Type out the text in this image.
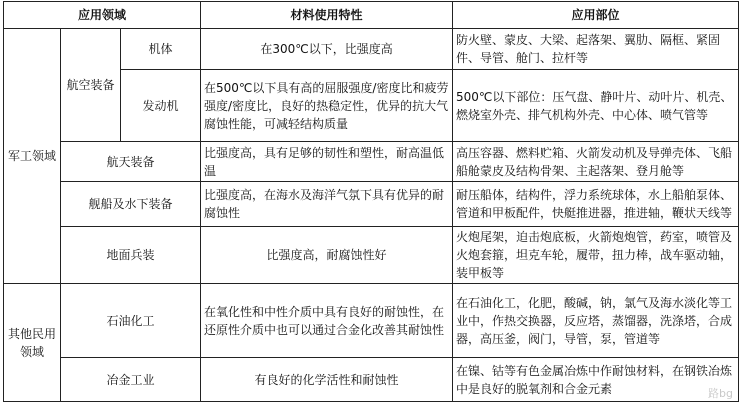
应用领域			材料使用特性	应用部位
军工领域	航空装备	机体	在300℃以下，比强度高	防火壁、蒙皮、大梁、起落架、翼肋、隔框、紧固件、导管、舱门、拉杆等
		发动机	在500℃以下具有高的屈服强度/密度比和疲劳强度/密度比，良好的热稳定性，优异的抗大气腐蚀性能，可减轻结构质量	500℃以下部位：压气盘、静叶片、动叶片、机壳、燃烧室外壳、排气机构外壳、中心体、喷气管等
	航天装备		比强度高，具有足够的韧性和塑性，耐高温低温	高压容器、燃料贮箱、火箭发动机及导弹壳体、飞船船舱蒙皮及结构骨架、主起落架、登月舱等
	舰船及水下装备		比强度高，在海水及海洋气氛下具有优异的耐腐蚀性	耐压船体，结构件，浮力系统球体，水上船舶泵体、管道和甲板配件，快艇推进器，推进轴，鞭状天线等
	地面兵装		比强度高，耐腐蚀性好	火炮尾架，迫击炮底板，火箭炮炮管，药室，喷管及火炮套箍，坦克车轮，履带，扭力棒，战车驱动轴，装甲板等
其他民用领域	石油化工		在氧化性和中性介质中具有良好的耐蚀性，在还原性介质中也可以通过合金化改善其耐蚀性	在石油化工，化肥，酸碱，钠，氯气及海水淡化等工业中，作热交换器，反应塔，蒸馏器，洗涤塔，合成器，高压釜，阀门，导管，泵，管道等
	冶金工业		有良好的化学活性和耐蚀性	在镍、钴等有色金属冶炼中作耐蚀材料，在钢铁冶炼中是良好的脱氧剂和合金元素	路bg
